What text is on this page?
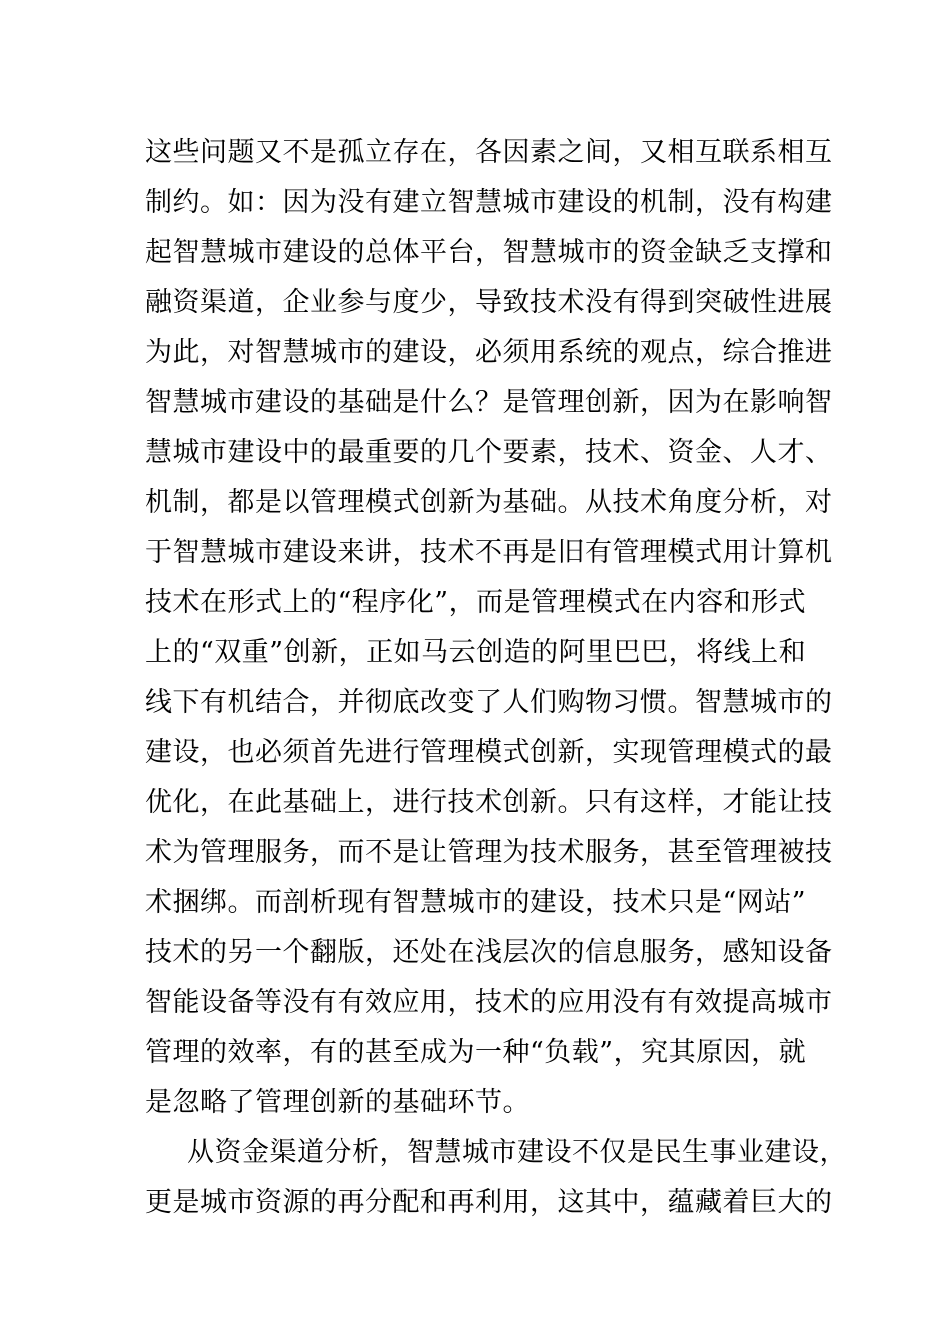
这些问题又不是孤立存在，各因素之间，又相互联系相互
制约。如：因为没有建立智慧城市建设的机制，没有构建
起智慧城市建设的总体平台，智慧城市的资金缺乏支撑和
融资渠道，企业参与度少，导致技术没有得到突破性进展
为此，对智慧城市的建设，必须用系统的观点，综合推进
智慧城市建设的基础是什么？是管理创新，因为在影响智
慧城市建设中的最重要的几个要素，技术、资金、人才、
机制，都是以管理模式创新为基础。从技术角度分析，对
于智慧城市建设来讲，技术不再是旧有管理模式用计算机
技术在形式上的“程序化”，而是管理模式在内容和形式
上的“双重”创新，正如马云创造的阿里巴巴，将线上和
线下有机结合，并彻底改变了人们购物习惯。智慧城市的
建设，也必须首先进行管理模式创新，实现管理模式的最
优化，在此基础上，进行技术创新。只有这样，才能让技
术为管理服务，而不是让管理为技术服务，甚至管理被技
术捆绑。而剖析现有智慧城市的建设，技术只是“网站”
技术的另一个翻版，还处在浅层次的信息服务，感知设备
智能设备等没有有效应用，技术的应用没有有效提高城市
管理的效率，有的甚至成为一种“负载”，究其原因，就
是忽略了管理创新的基础环节。
从资金渠道分析，智慧城市建设不仅是民生事业建设，
更是城市资源的再分配和再利用，这其中，蕴藏着巨大的
